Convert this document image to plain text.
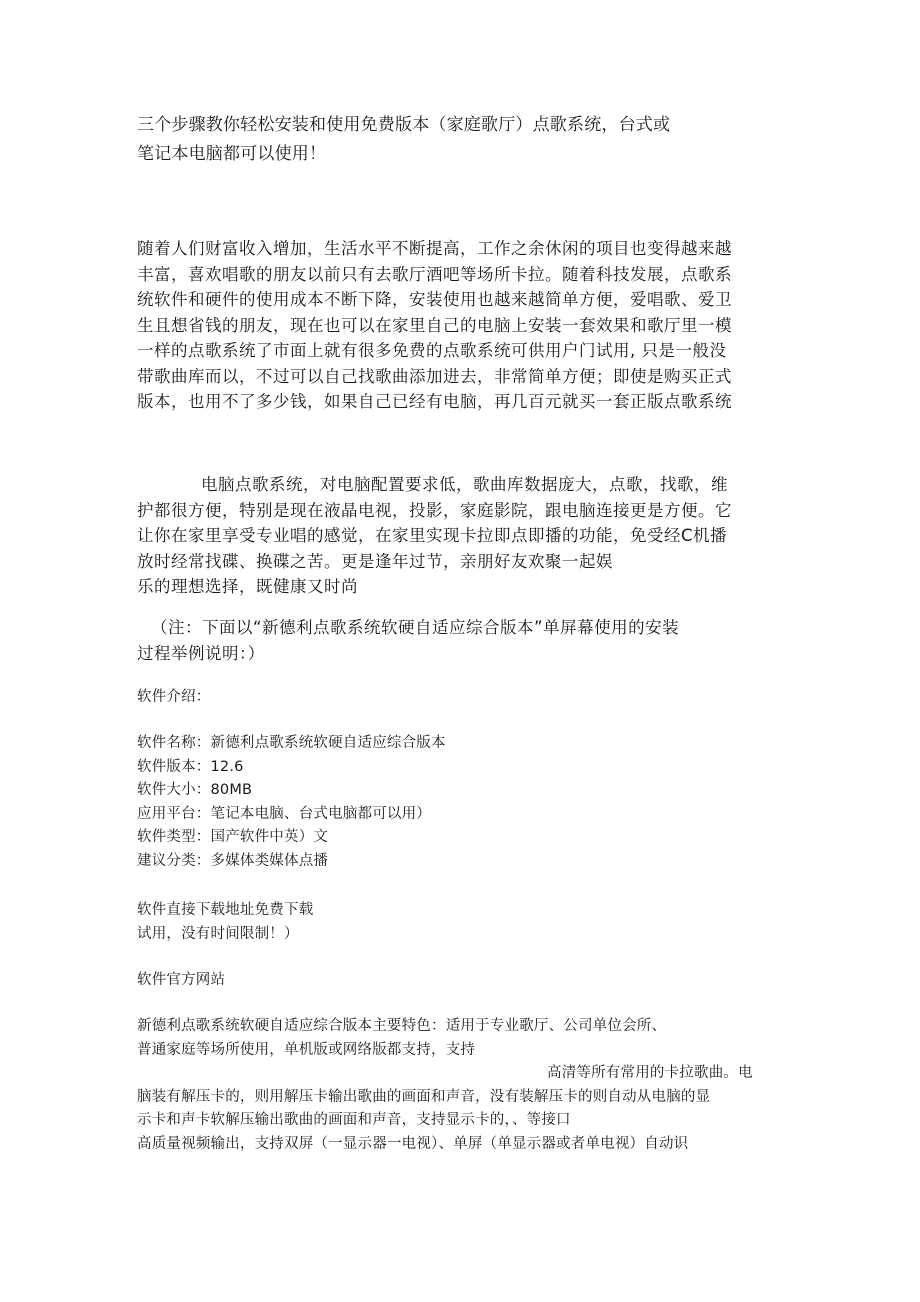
三个步骤教你轻松安装和使用免费版本（家庭歌厅）点歌系统，台式或
笔记本电脑都可以使用！
随着人们财富收入增加，生活水平不断提高，工作之余休闲的项目也变得越来越
丰富，喜欢唱歌的朋友以前只有去歌厅酒吧等场所卡拉。随着科技发展，点歌系
统软件和硬件的使用成本不断下降，安装使用也越来越简单方便，爱唱歌、爱卫
生且想省钱的朋友，现在也可以在家里自己的电脑上安装一套效果和歌厅里一模
一样的点歌系统了市面上就有很多免费的点歌系统可供用户门试用, 只是一般没
带歌曲库而以，不过可以自己找歌曲添加进去，非常简单方便；即使是购买正式
版本，也用不了多少钱，如果自己已经有电脑，再几百元就买一套正版点歌系统
电脑点歌系统，对电脑配置要求低，歌曲库数据庞大，点歌，找歌，维
护都很方便，特别是现在液晶电视，投影，家庭影院，跟电脑连接更是方便。它
让你在家里享受专业唱的感觉，在家里实现卡拉即点即播的功能，免受经C机播
放时经常找碟、换碟之苦。更是逢年过节，亲朋好友欢聚一起娱
乐的理想选择，既健康又时尚
（注：下面以“新德利点歌系统软硬自适应综合版本”单屏幕使用的安装
过程举例说明：）
软件介绍：
软件名称：新德利点歌系统软硬自适应综合版本
软件版本：12.6
软件大小：80MB
应用平台：笔记本电脑、台式电脑都可以用）
软件类型：国产软件中英）文
建议分类：多媒体类媒体点播
软件直接下载地址免费下载
试用，没有时间限制！）
软件官方网站
新德利点歌系统软硬自适应综合版本主要特色：适用于专业歌厅、公司单位会所、
普通家庭等场所使用，单机版或网络版都支持，支持
高清等所有常用的卡拉歌曲。电
脑装有解压卡的，则用解压卡输出歌曲的画面和声音，没有装解压卡的则自动从电脑的显
示卡和声卡软解压输出歌曲的画面和声音，支持显示卡的，、等接口
高质量视频输出，支持双屏（一显示器一电视）、单屏（单显示器或者单电视）自动识
